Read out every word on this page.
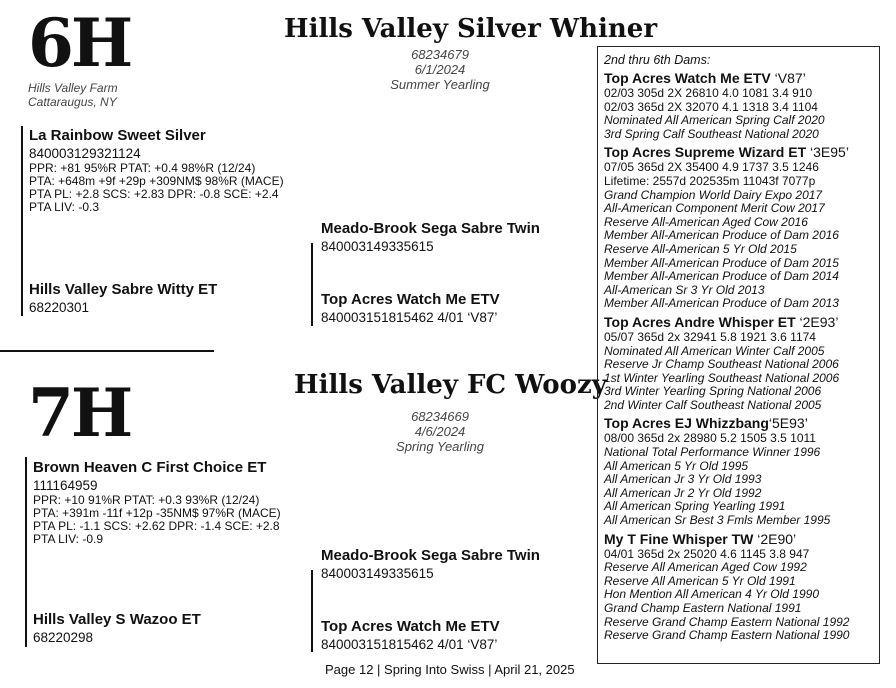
6H	Hills Valley Silver Whiner
68234679
6/1/2024
Summer Yearling
Hills Valley Farm
Cattaraugus, NY
La Rainbow Sweet Silver
840003129321124
PPR: +81 95%R PTAT: +0.4 98%R (12/24)
PTA: +648m +9f +29p +309NM$ 98%R (MACE)
PTA PL: +2.8 SCS: +2.83 DPR: -0.8 SCE: +2.4
PTA LIV: -0.3
Hills Valley Sabre Witty ET
68220301
Meado-Brook Sega Sabre Twin
840003149335615
Top Acres Watch Me ETV
840003151815462 4/01 ‘V87’
7H	Hills Valley FC Woozy
68234669
4/6/2024
Spring Yearling
Brown Heaven C First Choice ET
111164959
PPR: +10 91%R PTAT: +0.3 93%R (12/24)
PTA: +391m -11f +12p -35NM$ 97%R (MACE)
PTA PL: -1.1 SCS: +2.62 DPR: -1.4 SCE: +2.8
PTA LIV: -0.9
Hills Valley S Wazoo ET
68220298
Meado-Brook Sega Sabre Twin
840003149335615
Top Acres Watch Me ETV
840003151815462 4/01 ‘V87’
Page 12 | Spring Into Swiss | April 21, 2025
2nd thru 6th Dams:
Top Acres Watch Me ETV ‘V87’
02/03 305d 2X 26810 4.0 1081 3.4 910
02/03 365d 2X 32070 4.1 1318 3.4 1104
Nominated All American Spring Calf 2020
3rd Spring Calf Southeast National 2020
Top Acres Supreme Wizard ET ‘3E95’
07/05 365d 2X 35400 4.9 1737 3.5 1246
Lifetime: 2557d 202535m 11043f 7077p
Grand Champion World Dairy Expo 2017
All-American Component Merit Cow 2017
Reserve All-American Aged Cow 2016
Member All-American Produce of Dam 2016
Reserve All-American 5 Yr Old 2015
Member All-American Produce of Dam 2015
Member All-American Produce of Dam 2014
All-American Sr 3 Yr Old 2013
Member All-American Produce of Dam 2013
Top Acres Andre Whisper ET ‘2E93’
05/07 365d 2x 32941 5.8 1921 3.6 1174
Nominated All American Winter Calf 2005
Reserve Jr Champ Southeast National 2006
1st Winter Yearling Southeast National 2006
3rd Winter Yearling Spring National 2006
2nd Winter Calf Southeast National 2005
Top Acres EJ Whizzbang‘5E93’
08/00 365d 2x 28980 5.2 1505 3.5 1011
National Total Performance Winner 1996
All American 5 Yr Old 1995
All American Jr 3 Yr Old 1993
All American Jr 2 Yr Old 1992
All American Spring Yearling 1991
All American Sr Best 3 Fmls Member 1995
My T Fine Whisper TW ‘2E90’
04/01 365d 2x 25020 4.6 1145 3.8 947
Reserve All American Aged Cow 1992
Reserve All American 5 Yr Old 1991
Hon Mention All American 4 Yr Old 1990
Grand Champ Eastern National 1991
Reserve Grand Champ Eastern National 1992
Reserve Grand Champ Eastern National 1990
